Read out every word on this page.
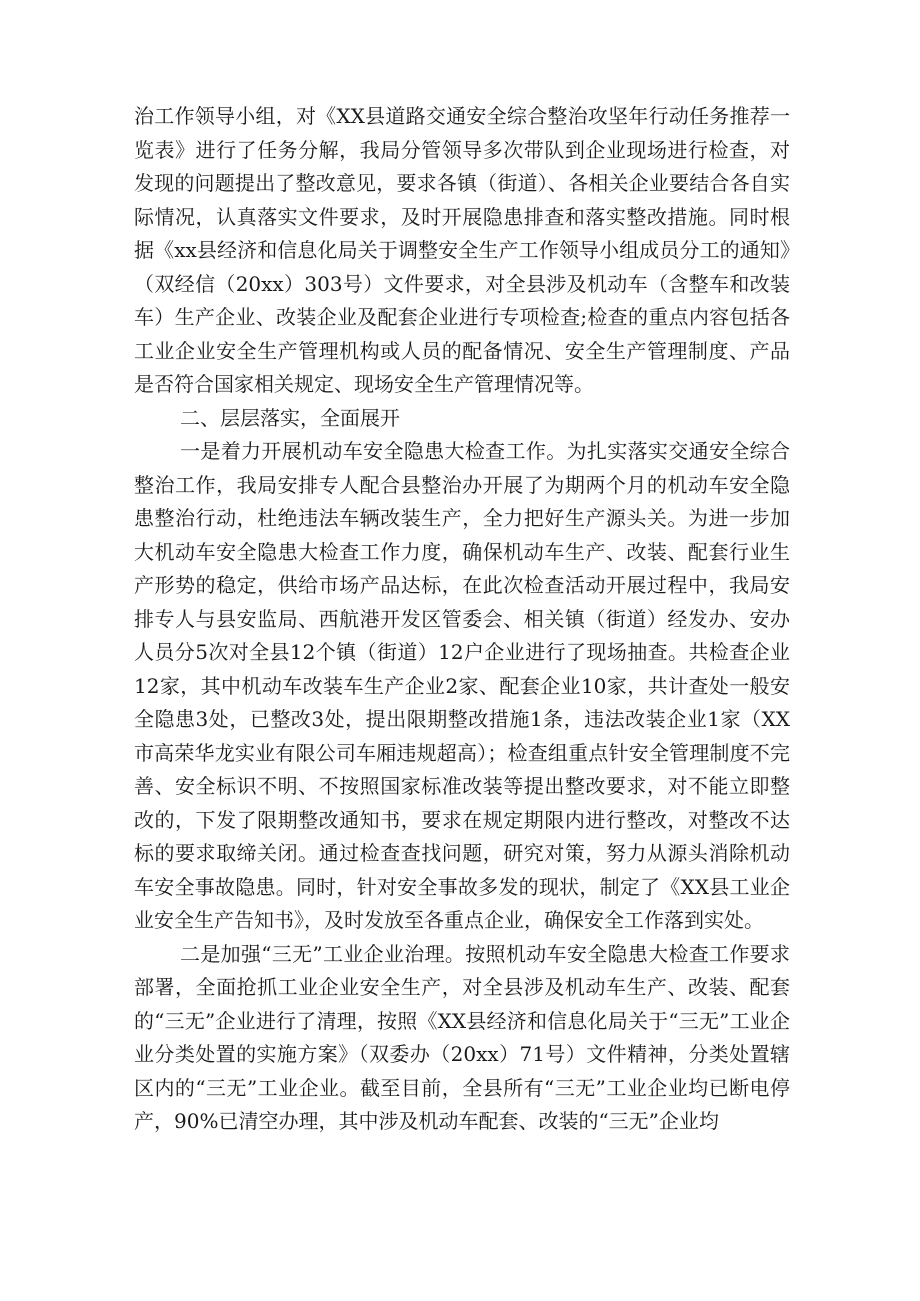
治工作领导小组，对《XX县道路交通安全综合整治攻坚年行动任务推荐一览表》进行了任务分解，我局分管领导多次带队到企业现场进行检查，对发现的问题提出了整改意见，要求各镇（街道）、各相关企业要结合各自实际情况，认真落实文件要求，及时开展隐患排查和落实整改措施。同时根据《xx县经济和信息化局关于调整安全生产工作领导小组成员分工的通知》（双经信（20xx）303号）文件要求，对全县涉及机动车（含整车和改装车）生产企业、改装企业及配套企业进行专项检查;检查的重点内容包括各工业企业安全生产管理机构或人员的配备情况、安全生产管理制度、产品是否符合国家相关规定、现场安全生产管理情况等。

二、层层落实，全面展开

一是着力开展机动车安全隐患大检查工作。为扎实落实交通安全综合整治工作，我局安排专人配合县整治办开展了为期两个月的机动车安全隐患整治行动，杜绝违法车辆改装生产，全力把好生产源头关。为进一步加大机动车安全隐患大检查工作力度，确保机动车生产、改装、配套行业生产形势的稳定，供给市场产品达标，在此次检查活动开展过程中，我局安排专人与县安监局、西航港开发区管委会、相关镇（街道）经发办、安办人员分5次对全县12个镇（街道）12户企业进行了现场抽查。共检查企业12家，其中机动车改装车生产企业2家、配套企业10家，共计查处一般安全隐患3处，已整改3处，提出限期整改措施1条，违法改装企业1家（XX市高荣华龙实业有限公司车厢违规超高）；检查组重点针安全管理制度不完善、安全标识不明、不按照国家标准改装等提出整改要求，对不能立即整改的，下发了限期整改通知书，要求在规定期限内进行整改，对整改不达标的要求取缔关闭。通过检查查找问题，研究对策，努力从源头消除机动车安全事故隐患。同时，针对安全事故多发的现状，制定了《XX县工业企业安全生产告知书》，及时发放至各重点企业，确保安全工作落到实处。

二是加强“三无”工业企业治理。按照机动车安全隐患大检查工作要求部署，全面抢抓工业企业安全生产，对全县涉及机动车生产、改装、配套的“三无”企业进行了清理，按照《XX县经济和信息化局关于“三无”工业企业分类处置的实施方案》（双委办（20xx）71号）文件精神，分类处置辖区内的“三无”工业企业。截至目前，全县所有“三无”工业企业均已断电停产，90%已清空办理，其中涉及机动车配套、改装的“三无”企业均
